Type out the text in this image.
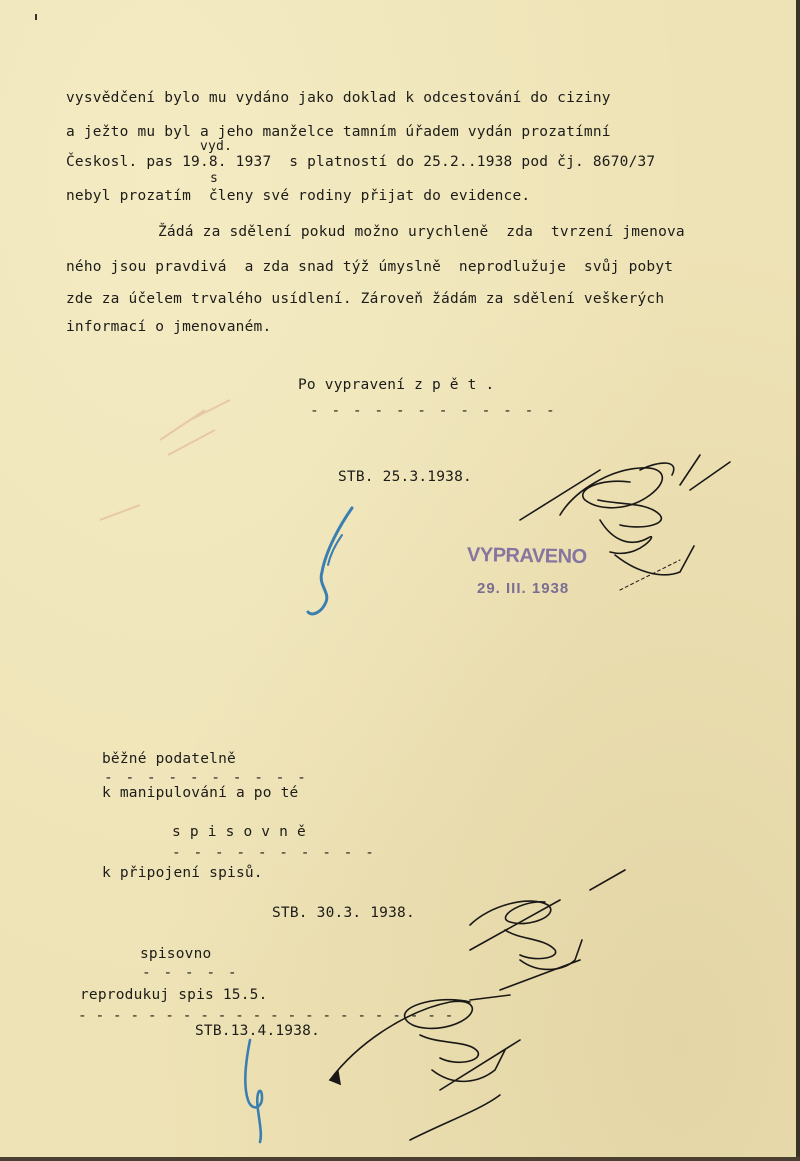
vysvědčení bylo mu vydáno jako doklad k odcestování do ciziny
a ježto mu byl a jeho manželce tamním úřadem vydán prozatímní
vyd.
Českosl. pas 19.8. 1937  s platností do 25.2..1938 pod čj. 8670/37
s
nebyl prozatím  členy své rodiny přijat do evidence.
Žádá za sdělení pokud možno urychleně  zda  tvrzení jmenova
ného jsou pravdivá  a zda snad týž úmyslně  neprodlužuje  svůj pobyt
zde za účelem trvalého usídlení. Zároveň žádám za sdělení veškerých
informací o jmenovaném.
Po vypravení z p ě t .
- - - - - - - - - - - -
STB. 25.3.1938.
VYPRAVENO
29. III. 1938
běžné podatelně
- - - - - - - - - -
k manipulování a po té
s p i s o v n ě
- - - - - - - - - -
k připojení spisů.
STB. 30.3. 1938.
spisovno
- - - - -
reprodukuj spis 15.5.
- - - - - - - - - - - - - - - - - - - - - -
STB.13.4.1938.
